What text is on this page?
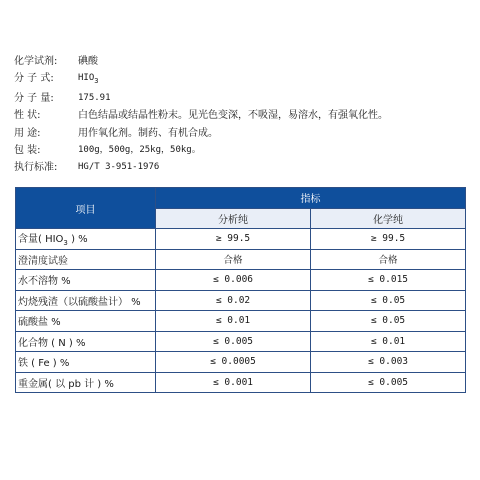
化学试剂:	碘酸
分 子 式:	$HIO_3$
分 子 量:	175.91
性 状:	白色结晶或结晶性粉末。见光色变深，不吸湿，易溶水，有强氧化性。
用 途:	用作氧化剂。制药、有机合成。
包 装:	100g，500g，25kg，50kg。
执行标准:	HG/T 3-951-1976
项目	指标	
	分析纯	化学纯
含量( $HIO_3$ ) %	≥ 99.5	≥ 99.5
澄清度试验	合格	合格
水不溶物 %	≤ 0.006	≤ 0.015
灼烧残渣（以硫酸盐计） %	≤ 0.02	≤ 0.05
硫酸盐 %	≤ 0.01	≤ 0.05
化合物 ( N ) %	≤ 0.005	≤ 0.01
铁 ( Fe ) %	≤ 0.0005	≤ 0.003
重金属( 以 pb 计 ) %	≤ 0.001	≤ 0.005
